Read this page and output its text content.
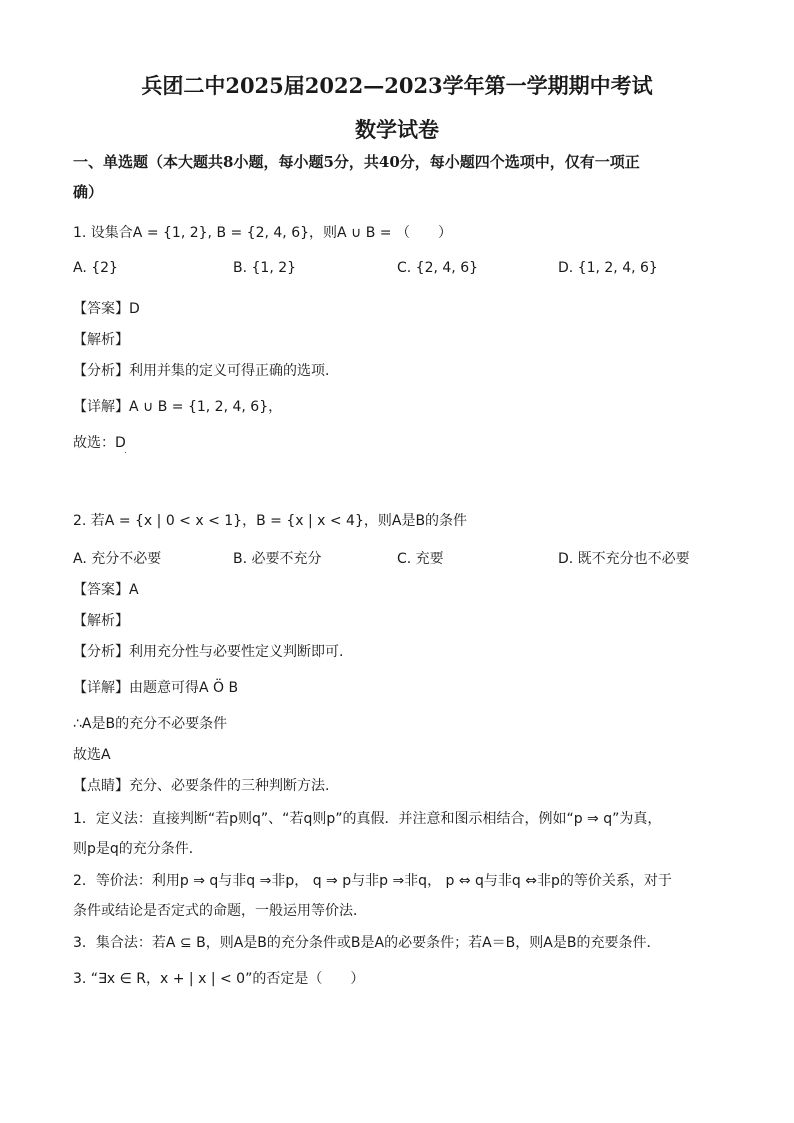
兵团二中2025届2022—2023学年第一学期期中考试
数学试卷
一、单选题（本大题共8小题，每小题5分，共40分，每小题四个选项中，仅有一项正
确）
1. 设集合A = {1, 2}, B = {2, 4, 6}，则A ∪ B = （　　）
A. {2}	B. {1, 2}	C. {2, 4, 6}	D. {1, 2, 4, 6}
【答案】D
【解析】
【分析】利用并集的定义可得正确的选项.
【详解】A ∪ B = {1, 2, 4, 6}，
故选：D
2. 若A = {x | 0 < x < 1}，B = {x | x < 4}，则A是B的条件
A. 充分不必要	B. 必要不充分	C. 充要	D. 既不充分也不必要
【答案】A
【解析】
【分析】利用充分性与必要性定义判断即可.
【详解】由题意可得A Ö B
∴A是B的充分不必要条件
故选A
【点睛】充分、必要条件的三种判断方法.
1．定义法：直接判断“若p则q”、“若q则p”的真假．并注意和图示相结合，例如“p ⇒ q”为真，
则p是q的充分条件．
2．等价法：利用p ⇒ q与非q ⇒非p， q ⇒ p与非p ⇒非q， p ⇔ q与非q ⇔非p的等价关系，对于
条件或结论是否定式的命题，一般运用等价法．
3．集合法：若A ⊆ B，则A是B的充分条件或B是A的必要条件；若A＝B，则A是B的充要条件．
3. “∃x ∈ R，x + | x | < 0”的否定是（　　）
